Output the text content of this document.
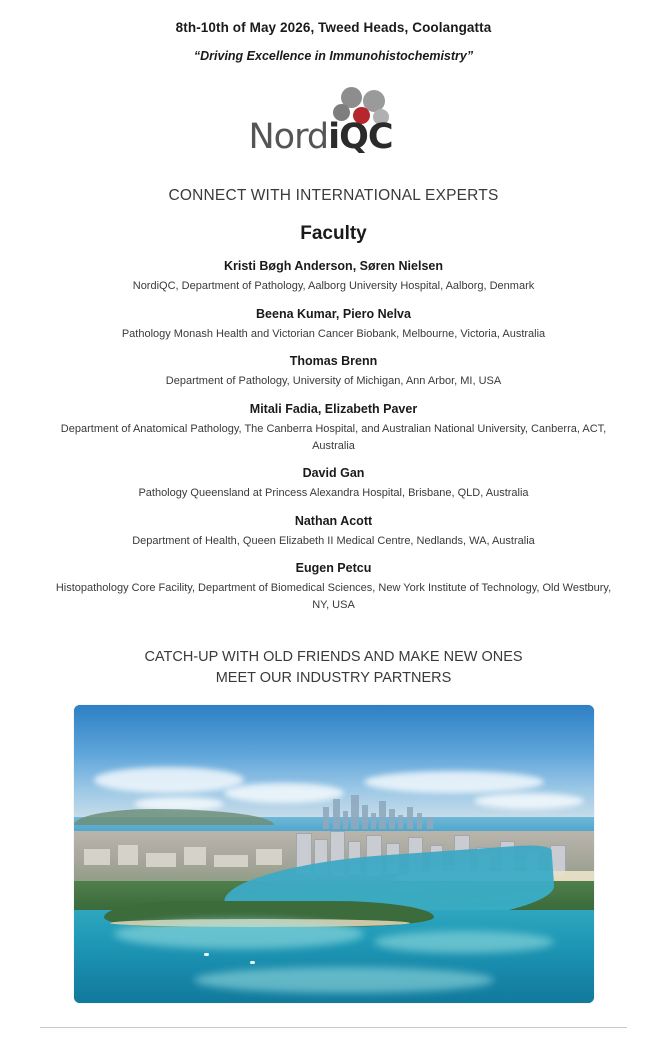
8th-10th of May 2026, Tweed Heads, Coolangatta
“Driving Excellence in Immunohistochemistry”
NordiQC
CONNECT WITH INTERNATIONAL EXPERTS
Faculty
Kristi Bøgh Anderson, Søren Nielsen
NordiQC, Department of Pathology, Aalborg University Hospital, Aalborg, Denmark
Beena Kumar, Piero Nelva
Pathology Monash Health and Victorian Cancer Biobank, Melbourne, Victoria, Australia
Thomas Brenn
Department of Pathology, University of Michigan, Ann Arbor, MI, USA
Mitali Fadia, Elizabeth Paver
Department of Anatomical Pathology, The Canberra Hospital, and Australian National University, Canberra, ACT, Australia
David Gan
Pathology Queensland at Princess Alexandra Hospital, Brisbane, QLD, Australia
Nathan Acott
Department of Health, Queen Elizabeth II Medical Centre, Nedlands, WA, Australia
Eugen Petcu
Histopathology Core Facility, Department of Biomedical Sciences, New York Institute of Technology, Old Westbury, NY, USA
CATCH-UP WITH OLD FRIENDS AND MAKE NEW ONES
MEET OUR INDUSTRY PARTNERS
